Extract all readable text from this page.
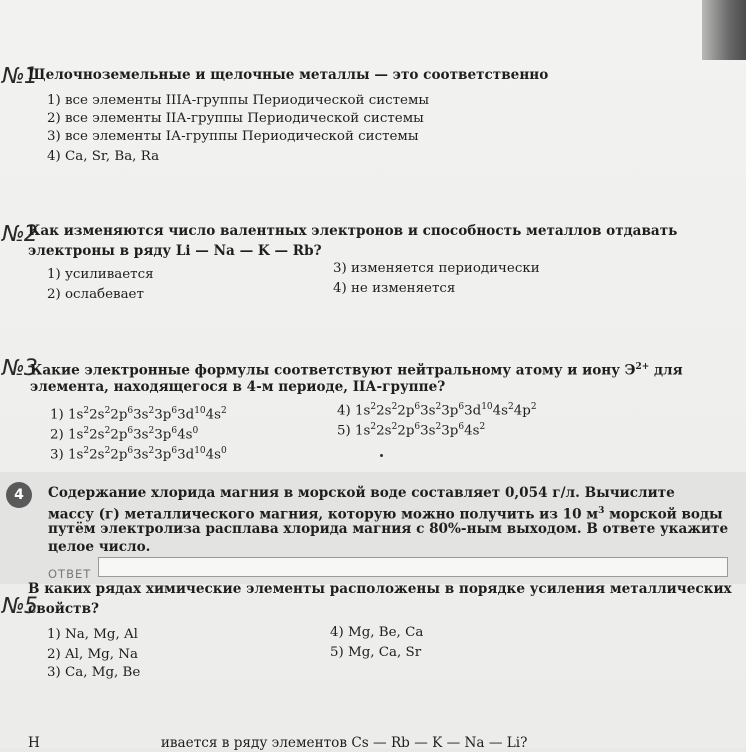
№1
Щелочноземельные и щелочные металлы — это соответственно
1) все элементы IIIА-группы Периодической системы
2) все элементы IIА-группы Периодической системы
3) все элементы IА-группы Периодической системы
4) Ca, Sr, Ba, Ra
№2
Как изменяются число валентных электронов и способность металлов отдавать
электроны в ряду Li — Na — K — Rb?
1) усиливается
2) ослабевает
3) изменяется периодически
4) не изменяется
№3
Какие электронные формулы соответствуют нейтральному атому и иону $Э^{2+}$ для
элемента, находящегося в 4-м периоде, IIА-группе?
1) $1s^22s^22p^63s^23p^63d^{10}4s^2$
2) $1s^22s^22p^63s^23p^64s^0$
3) $1s^22s^22p^63s^23p^63d^{10}4s^0$
4) $1s^22s^22p^63s^23p^63d^{10}4s^24p^2$
5) $1s^22s^22p^63s^23p^64s^2$
4	Содержание хлорида магния в морской воде составляет 0,054 г/л. Вычислите
массу (г) металлического магния, которую можно получить из 10 $м^3$ морской воды
путём электролиза расплава хлорида магния с 80%-ным выходом. В ответе укажите
целое число.
ОТВЕТ
№5
В каких рядах химические элементы расположены в порядке усиления металлических
свойств?
1) Na, Mg, Al
2) Al, Mg, Na
3) Ca, Mg, Be
4) Mg, Be, Ca
5) Mg, Ca, Sr
Н                            ивается в ряду элементов Cs — Rb — K — Na — Li?
